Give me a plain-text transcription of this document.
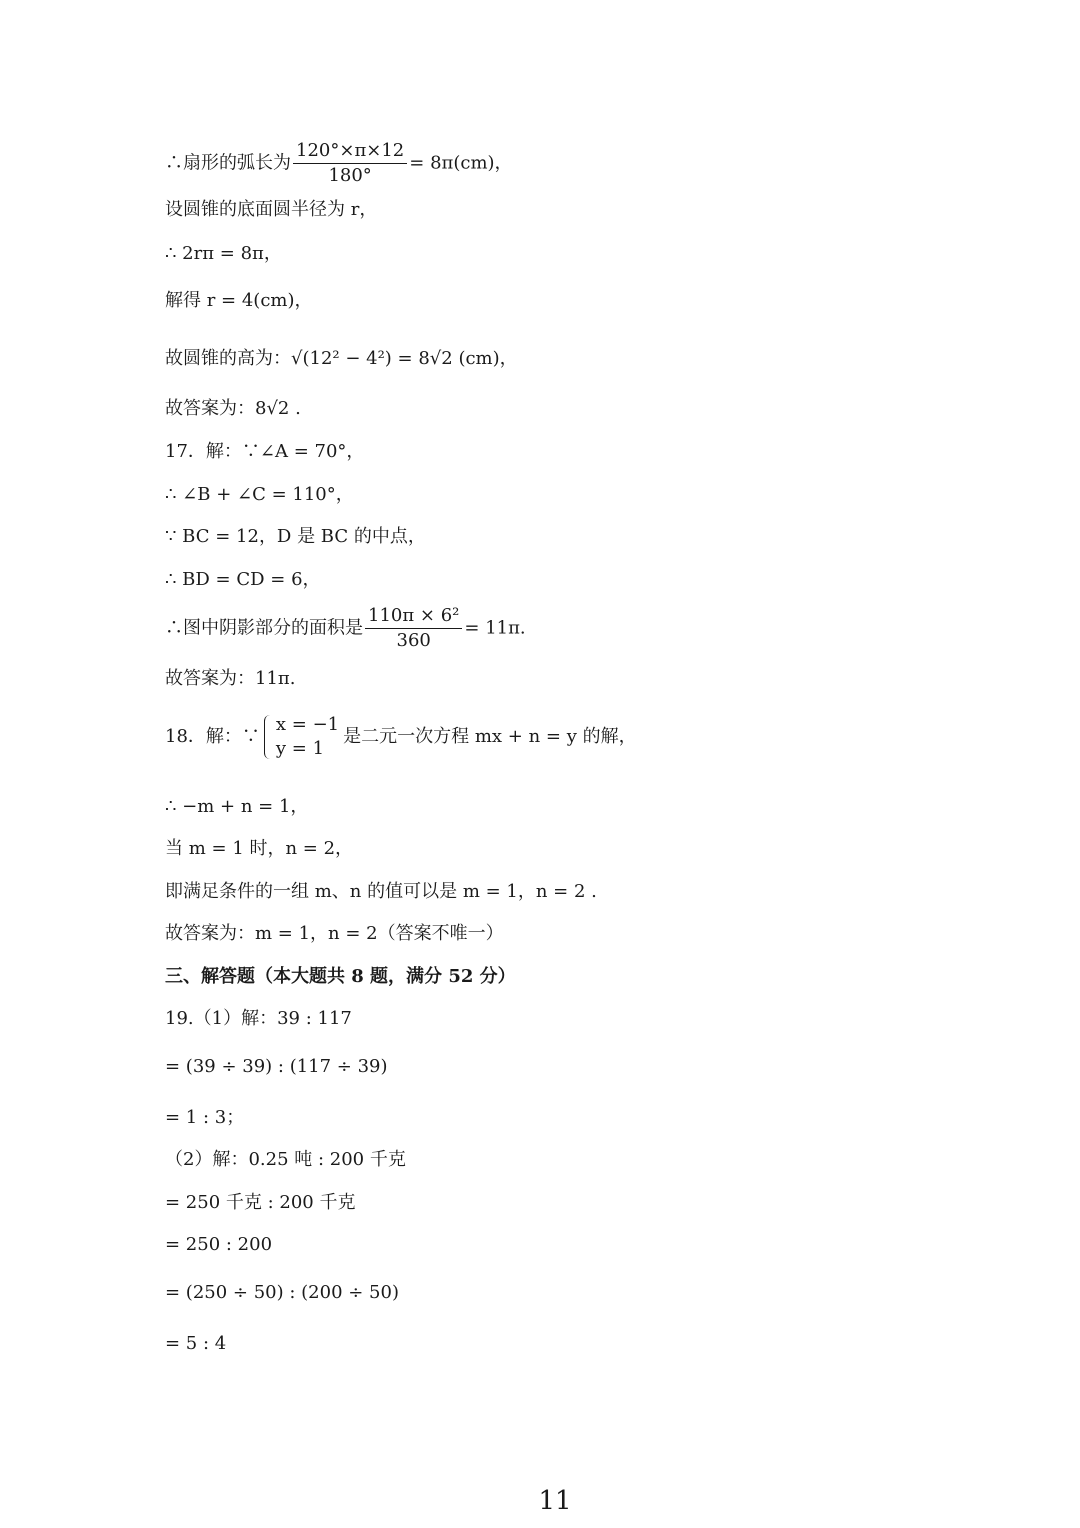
∴扇形的弧长为 $\frac{120^\circ\times\pi\times 12}{180^\circ} = 8\pi(cm)$，
设圆锥的底面圆半径为 r，
∴ 2rπ = 8π，
解得 r = 4(cm)，
故圆锥的高为：√(12² − 4²) = 8√2 (cm)，
故答案为：8√2 .
17．解：∵∠A = 70°，
∴ ∠B + ∠C = 110°，
∵ BC = 12，D 是 BC 的中点，
∴ BD = CD = 6，
∴图中阴影部分的面积是 $\frac{\text{110π × 6²}}{360} = 11\pi$.
故答案为：11π.
18．解：∵
x = −1
y = 1
是二元一次方程 mx + n = y 的解，
∴ −m + n = 1，
当 m = 1 时，n = 2，
即满足条件的一组 m、n 的值可以是 m = 1，n = 2 .
故答案为：m = 1，n = 2（答案不唯一）
三、解答题（本大题共 8 题，满分 52 分）
19.（1）解：39 : 117
= (39 ÷ 39) : (117 ÷ 39)
= 1 : 3；
（2）解：0.25 吨 : 200 千克
= 250 千克 : 200 千克
= 250 : 200
= (250 ÷ 50) : (200 ÷ 50)
= 5 : 4
11
